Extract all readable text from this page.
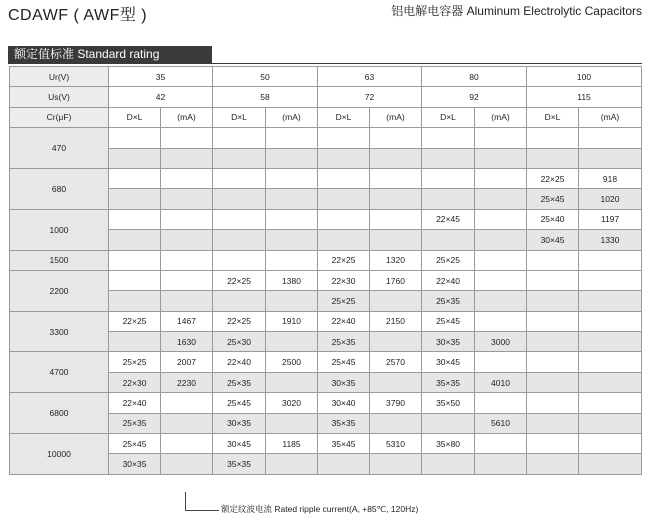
CDAWF ( AWF型 )	铝电解电容器 Aluminum Electrolytic Capacitors
额定值标准 Standard rating
Ur(V)	35		50		63		80		100	
Us(V)	42		58		72		92		115	
Cr(μF)	D×L	(mA)	D×L	(mA)	D×L	(mA)	D×L	(mA)	D×L	(mA)
470										

680									22×25	918
									25×45	1020
1000							22×45		25×40	1197
									30×45	1330
1500					22×25	1320	25×25			
2200			22×25	1380	22×30	1760	22×40			
					25×25		25×35			
3300	22×25	1467	22×25	1910	22×40	2150	25×45			
		1630	25×30		25×35		30×35	3000		
4700	25×25	2007	22×40	2500	25×45	2570	30×45			
	22×30	2230	25×35		30×35		35×35	4010		
6800	22×40		25×45	3020	30×40	3790	35×50			
	25×35		30×35		35×35			5610		
10000	25×45		30×45	1185	35×45	5310	35×80			
	30×35		35×35							
额定纹波电流 Rated ripple current(A, +85℃, 120Hz)
